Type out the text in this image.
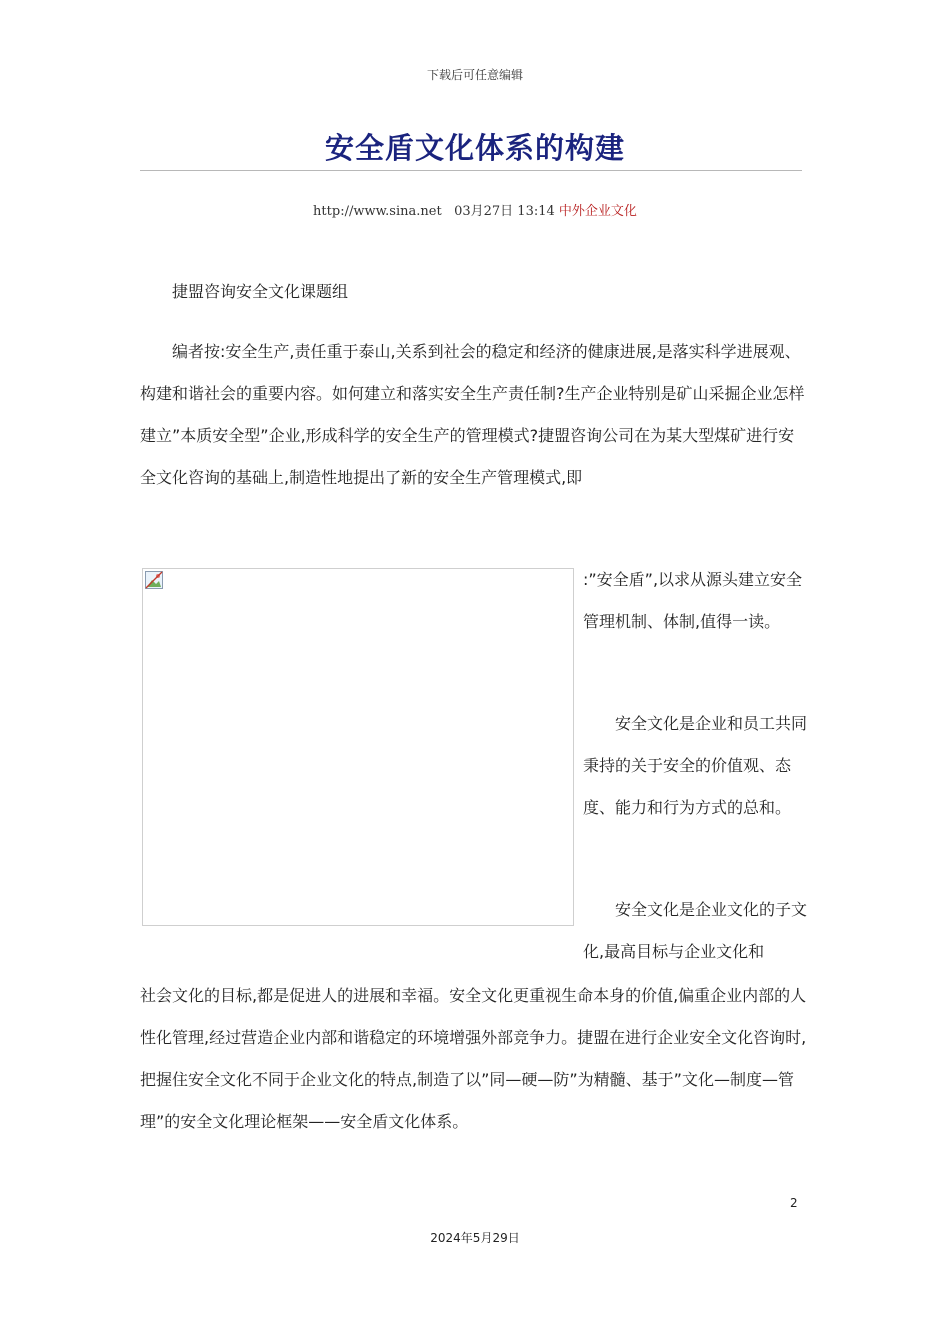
下载后可任意编辑
安全盾文化体系的构建
http://www.sina.net 03月27日 13:14 中外企业文化
捷盟咨询安全文化课题组
编者按:安全生产,责任重于泰山,关系到社会的稳定和经济的健康进展,是落实科学进展观、构建和谐社会的重要内容。如何建立和落实安全生产责任制?生产企业特别是矿山采掘企业怎样建立”本质安全型”企业,形成科学的安全生产的管理模式?捷盟咨询公司在为某大型煤矿进行安全文化咨询的基础上,制造性地提出了新的安全生产管理模式,即
:”安全盾”,以求从源头建立安全管理机制、体制,值得一读。
安全文化是企业和员工共同秉持的关于安全的价值观、态度、能力和行为方式的总和。
安全文化是企业文化的子文化,最高目标与企业文化和
社会文化的目标,都是促进人的进展和幸福。安全文化更重视生命本身的价值,偏重企业内部的人性化管理,经过营造企业内部和谐稳定的环境增强外部竞争力。捷盟在进行企业安全文化咨询时,把握住安全文化不同于企业文化的特点,制造了以”同—硬—防”为精髓、基于”文化—制度—管理”的安全文化理论框架——安全盾文化体系。
2
2024年5月29日
